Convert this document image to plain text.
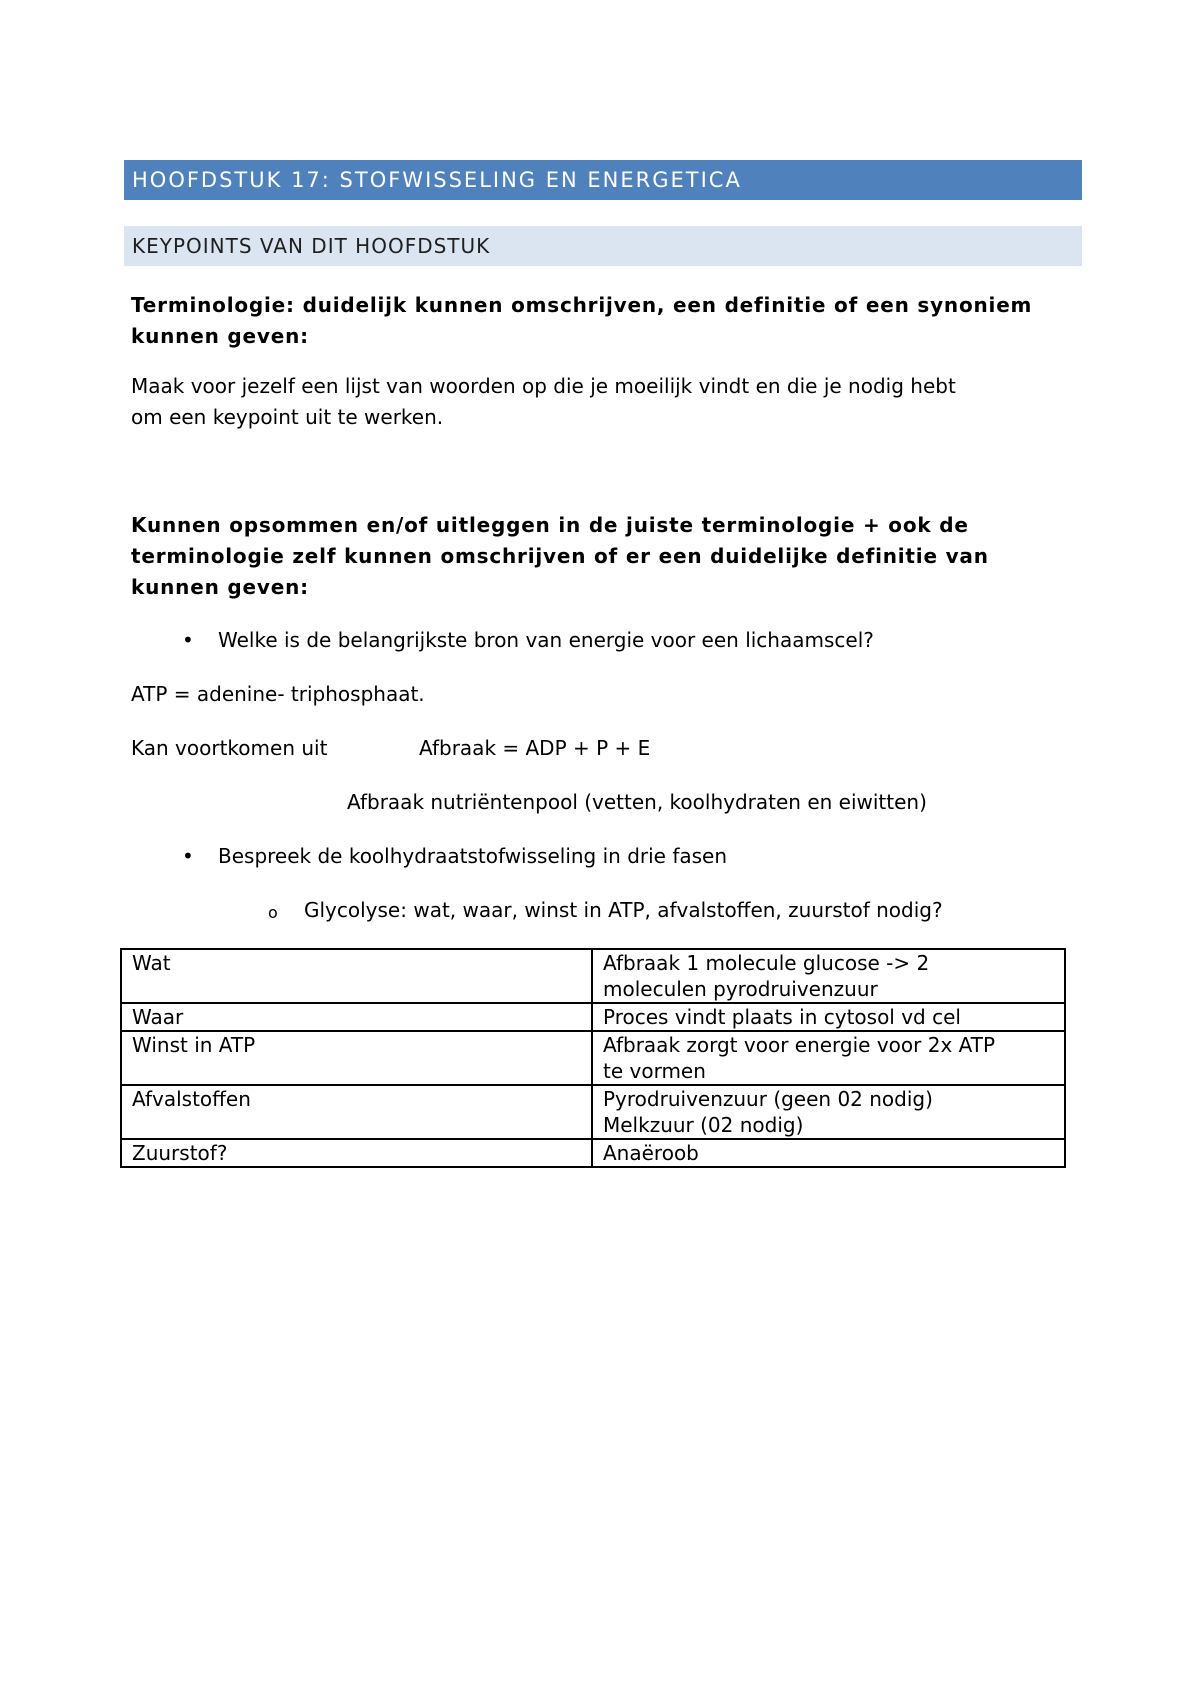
HOOFDSTUK 17: STOFWISSELING EN ENERGETICA
KEYPOINTS VAN DIT HOOFDSTUK
Terminologie: duidelijk kunnen omschrijven, een definitie of een synoniem
kunnen geven:
Maak voor jezelf een lijst van woorden op die je moeilijk vindt en die je nodig hebt
om een keypoint uit te werken.
Kunnen opsommen en/of uitleggen in de juiste terminologie + ook de
terminologie zelf kunnen omschrijven of er een duidelijke definitie van
kunnen geven:
• Welke is de belangrijkste bron van energie voor een lichaamscel?
ATP = adenine- triphosphaat.
Kan voortkomen uit	Afbraak = ADP + P + E
Afbraak nutriëntenpool (vetten, koolhydraten en eiwitten)
• Bespreek de koolhydraatstofwisseling in drie fasen
o Glycolyse: wat, waar, winst in ATP, afvalstoffen, zuurstof nodig?
Wat	Afbraak 1 molecule glucose -> 2
moleculen pyrodruivenzuur

Waar	Proces vindt plaats in cytosol vd cel

Winst in ATP	Afbraak zorgt voor energie voor 2x ATP
te vormen

Afvalstoffen	Pyrodruivenzuur (geen 02 nodig)
Melkzuur (02 nodig)

Zuurstof?	Anaëroob
